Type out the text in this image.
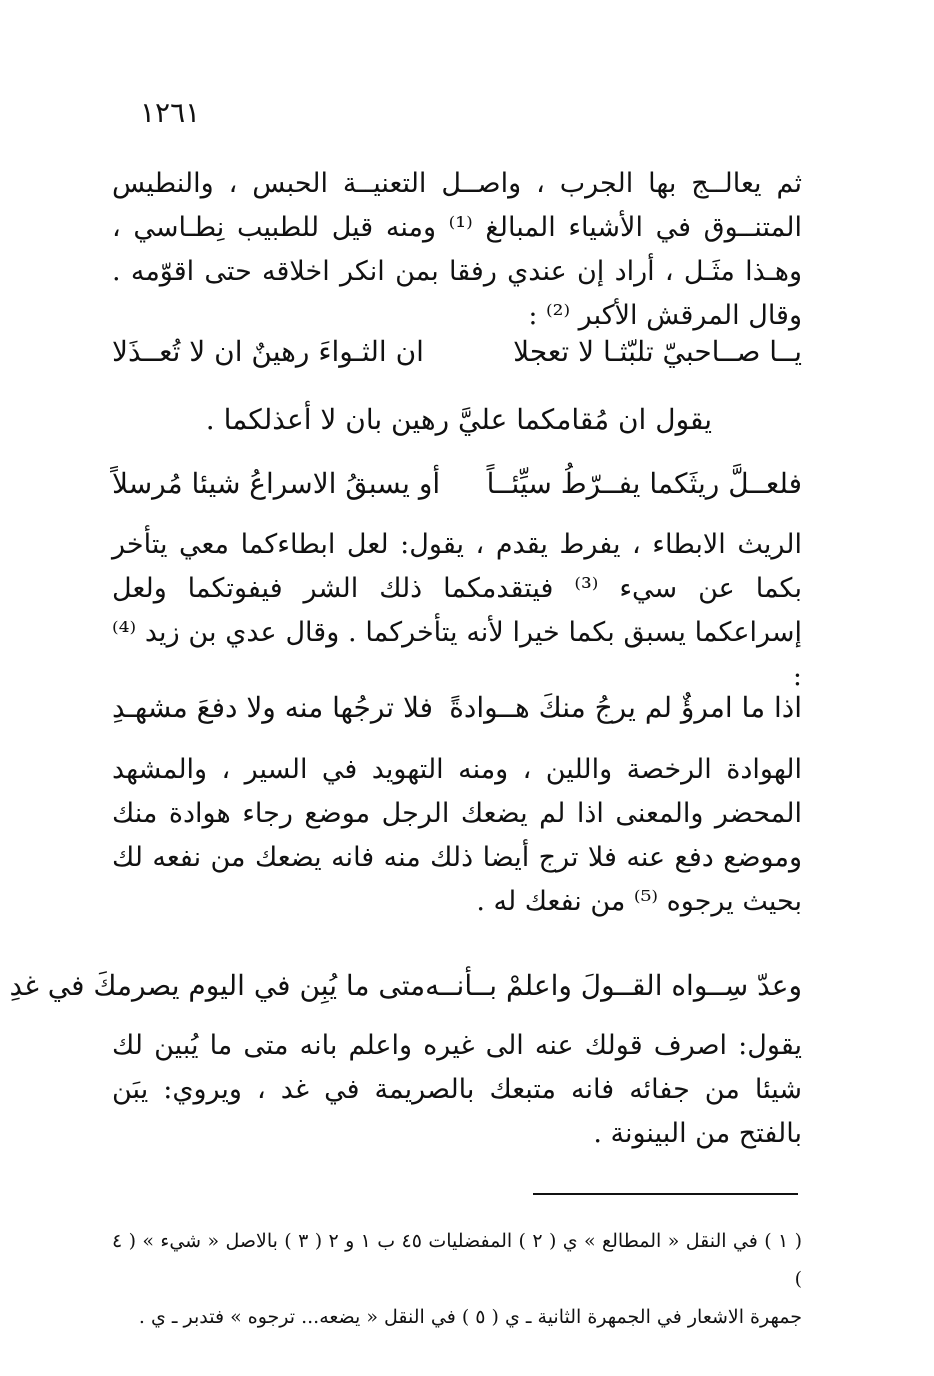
١٢٦١
ثم يعالــج بها الجرب ، واصــل التعنيــة الحبس ، والنطيس المتنــوق في الأشياء المبالغ ⁽¹⁾ ومنه قيل للطبيب نِطـاسي ، وهـذا مثَـل ، أراد إن عندي رفقا بمن انكر اخلاقه حتى اقوّمه . وقال المرقش الأكبر ⁽²⁾ :
يــا صــاحبيّ تلبّثـا لا تعجلا
ان الثـواءَ رهينٌ ان لا تُعــذَلا
يقول ان مُقامكما عليَّ رهين بان لا أعذلكما .
فلعــلَّ ريثَكما يفــرّطُ سيِّئــاً
أو يسبقُ الاسراعُ شيئا مُرسلاً
الريث الابطاء ، يفرط يقدم ، يقول: لعل ابطاءكما معي يتأخر بكما عن سيء ⁽³⁾ فيتقدمكما ذلك الشر فيفوتكما ولعل إسراعكما يسبق بكما خيرا لأنه يتأخركما . وقال عدي بن زيد ⁽⁴⁾ :
اذا ما امرؤٌ لم يرجُ منكَ هــوادةً
فلا ترجُها منه ولا دفعَ مشهـدِ
الهوادة الرخصة واللين ، ومنه التهويد في السير ، والمشهد المحضر والمعنى اذا لم يضعك الرجل موضع رجاء هوادة منك وموضع دفع عنه فلا ترج أيضا ذلك منه فانه يضعك من نفعه لك بحيث يرجوه ⁽⁵⁾ من نفعك له .
وعدّ سِــواه القــولَ واعلمْ بــأنــه
متى ما يُبِن في اليوم يصرمكَ في غدِ
يقول: اصرف قولك عنه الى غيره واعلم بانه متى ما يُبين لك شيئا من جفائه فانه متبعك بالصريمة في غد ، ويروي: يبَن بالفتح من البينونة .
( ١ ) في النقل « المطالع » ي ( ٢ ) المفضليات ٤٥ ب ١ و ٢ ( ٣ ) بالاصل « شيء » ( ٤ )
جمهرة الاشعار في الجمهرة الثانية ـ ي ( ٥ ) في النقل « يضعه... ترجوه » فتدبر ـ ي .
